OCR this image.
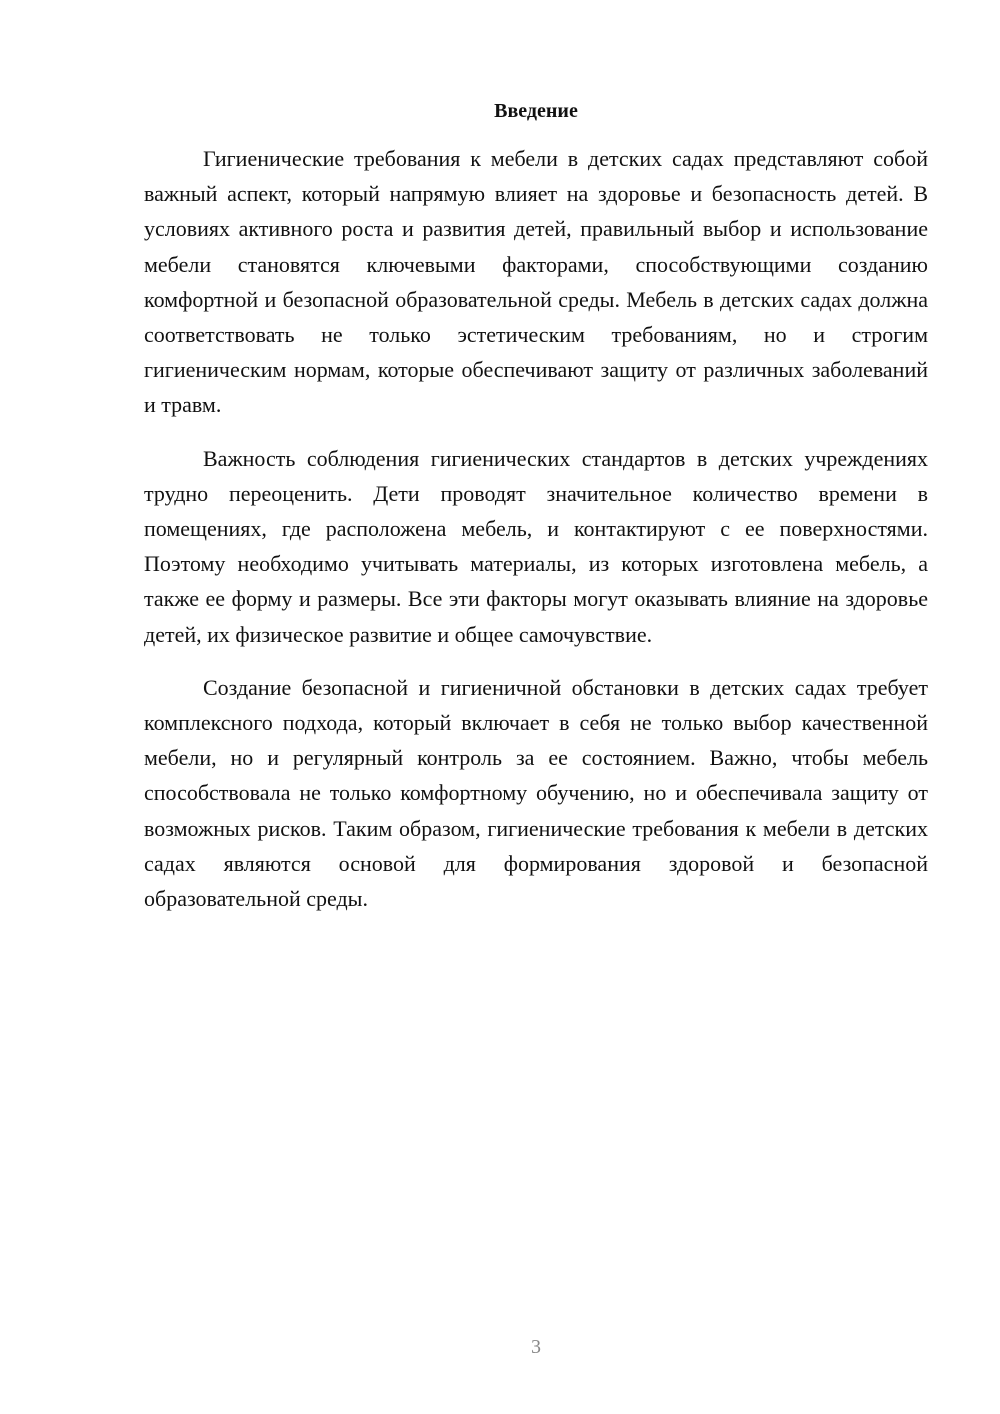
Введение

Гигиенические требования к мебели в детских садах представляют собой важный аспект, который напрямую влияет на здоровье и безопасность детей. В условиях активного роста и развития детей, правильный выбор и использование мебели становятся ключевыми факторами, способствующими созданию комфортной и безопасной образовательной среды. Мебель в детских садах должна соответствовать не только эстетическим требованиям, но и строгим гигиеническим нормам, которые обеспечивают защиту от различных заболеваний и травм.

Важность соблюдения гигиенических стандартов в детских учреждениях трудно переоценить. Дети проводят значительное количество времени в помещениях, где расположена мебель, и контактируют с ее поверхностями. Поэтому необходимо учитывать материалы, из которых изготовлена мебель, а также ее форму и размеры. Все эти факторы могут оказывать влияние на здоровье детей, их физическое развитие и общее самочувствие.

Создание безопасной и гигиеничной обстановки в детских садах требует комплексного подхода, который включает в себя не только выбор качественной мебели, но и регулярный контроль за ее состоянием. Важно, чтобы мебель способствовала не только комфортному обучению, но и обеспечивала защиту от возможных рисков. Таким образом, гигиенические требования к мебели в детских садах являются основой для формирования здоровой и безопасной образовательной среды.

3
